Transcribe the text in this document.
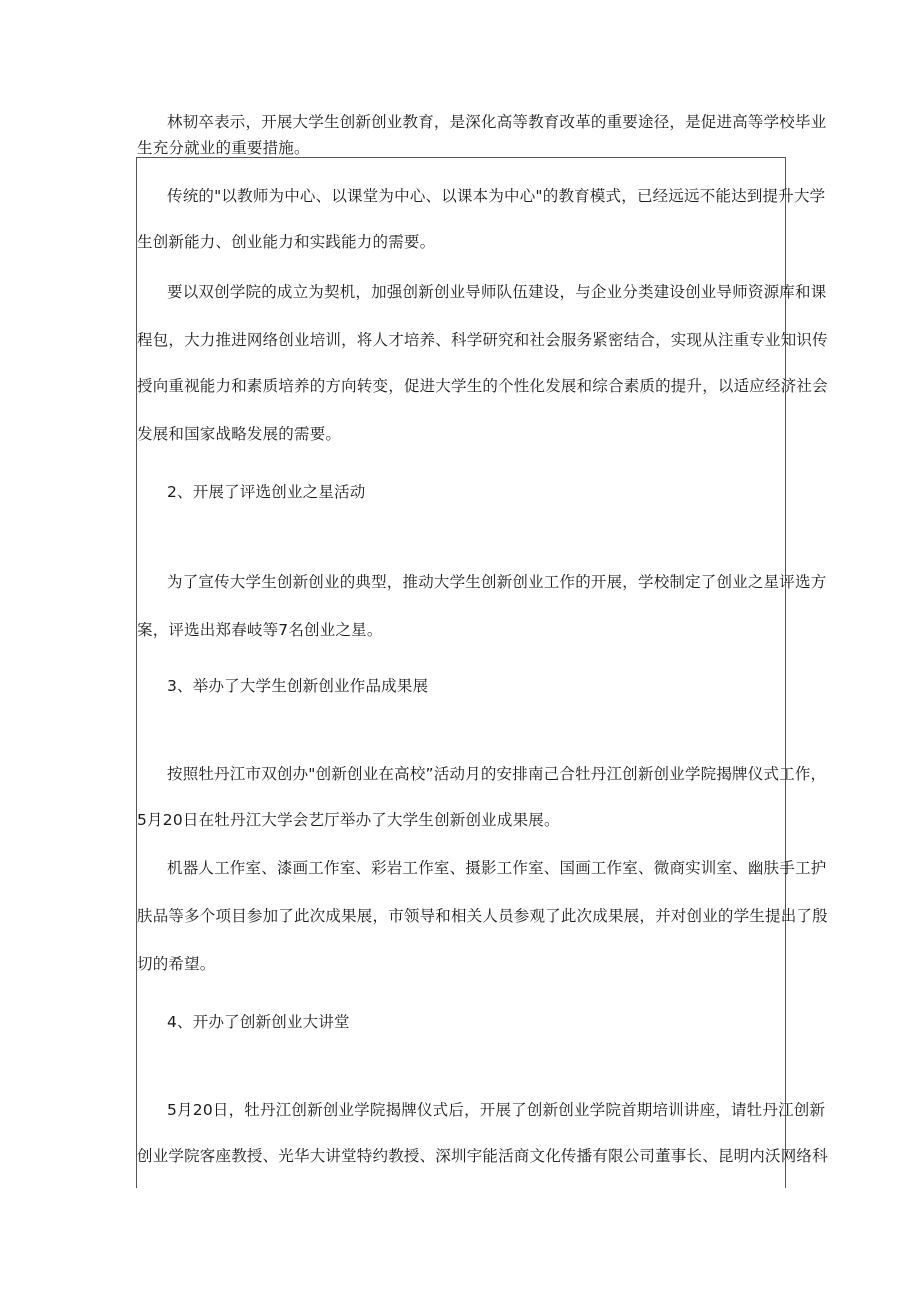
林韧卒表示，开展大学生创新创业教育，是深化高等教育改革的重要途径，是促进高等学校毕业
生充分就业的重要措施。
传统的"以教师为中心、以课堂为中心、以课本为中心"的教育模式，已经远远不能达到提升大学
生创新能力、创业能力和实践能力的需要。
要以双创学院的成立为契机，加强创新创业导师队伍建设，与企业分类建设创业导师资源库和课
程包，大力推进网络创业培训，将人才培养、科学研究和社会服务紧密结合，实现从注重专业知识传
授向重视能力和素质培养的方向转变，促进大学生的个性化发展和综合素质的提升，以适应经济社会
发展和国家战略发展的需要。
2、开展了评选创业之星活动
为了宣传大学生创新创业的典型，推动大学生创新创业工作的开展，学校制定了创业之星评选方
案，评选出郑春岐等7名创业之星。
3、举办了大学生创新创业作品成果展
按照牡丹江市双创办"创新创业在高校”活动月的安排南己合牡丹江创新创业学院揭牌仪式工作，
5月20日在牡丹江大学会艺厅举办了大学生创新创业成果展。
机器人工作室、漆画工作室、彩岩工作室、摄影工作室、国画工作室、微商实训室、幽肤手工护
肤品等多个项目参加了此次成果展，市领导和相关人员参观了此次成果展，并对创业的学生提出了殷
切的希望。
4、开办了创新创业大讲堂
5月20日，牡丹江创新创业学院揭牌仪式后，开展了创新创业学院首期培训讲座，请牡丹江创新
创业学院客座教授、光华大讲堂特约教授、深圳宇能活商文化传播有限公司董事长、昆明内沃网络科
